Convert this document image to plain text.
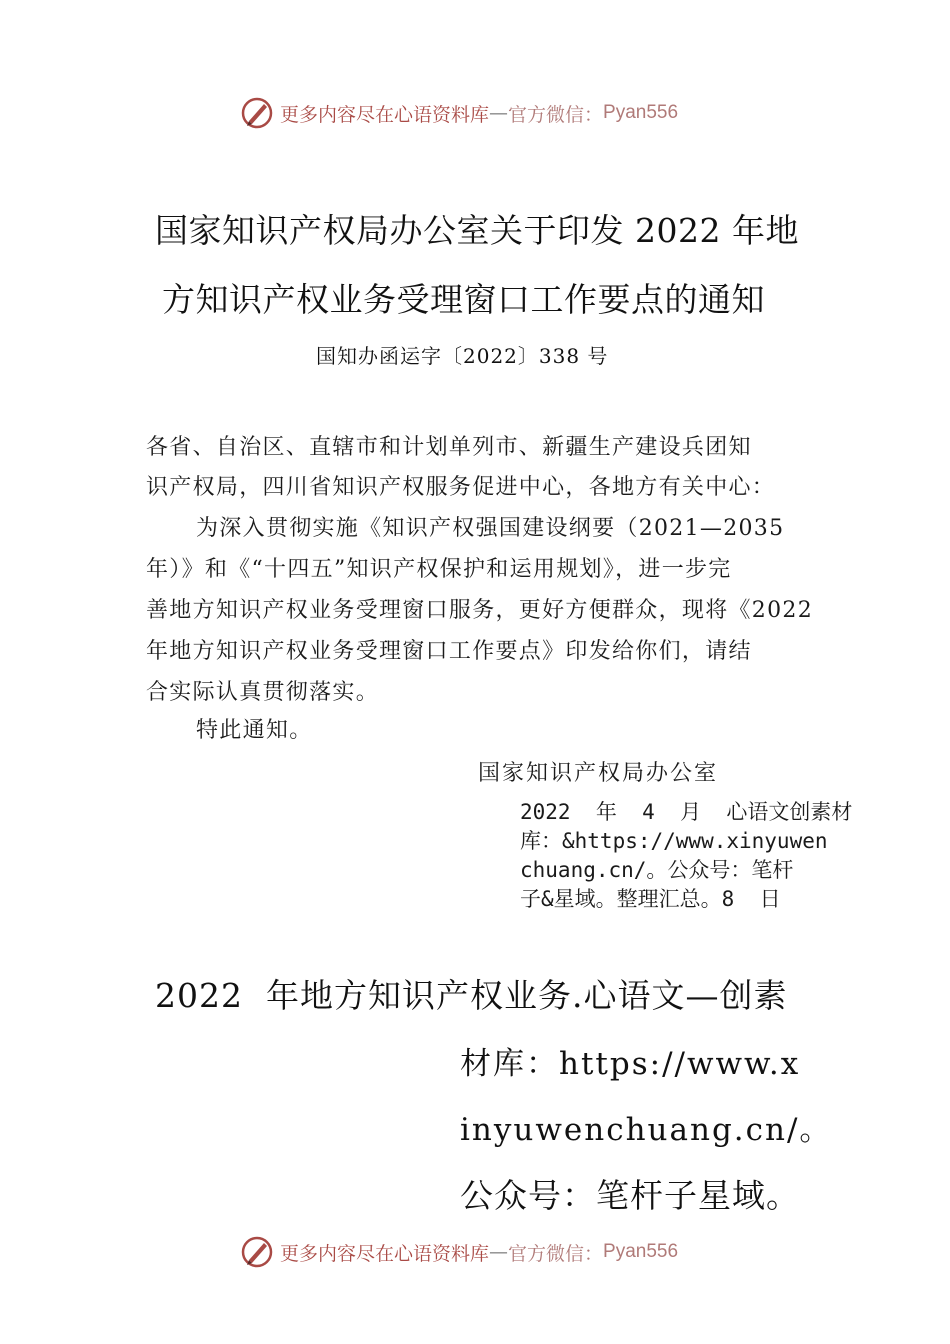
更多内容尽在心语资料库 — 官方微信： Pyan556
国家知识产权局办公室关于印发 2022 年地
方知识产权业务受理窗口工作要点的通知
国知办函运字〔2022〕338 号
各省、自治区、直辖市和计划单列市、新疆生产建设兵团知
识产权局，四川省知识产权服务促进中心，各地方有关中心：
为深入贯彻实施《知识产权强国建设纲要（2021—2035
年）》和《“十四五”知识产权保护和运用规划》，进一步完
善地方知识产权业务受理窗口服务，更好方便群众，现将《2022
年地方知识产权业务受理窗口工作要点》印发给你们，请结
合实际认真贯彻落实。
特此通知。
国家知识产权局办公室
2022  年  4  月  心语文创素材
库：&https://www.xinyuwen
chuang.cn/。公众号：笔杆
子&星域。整理汇总。8  日
2022  年地方知识产权业务.心语文—创素
材库：https://www.x
inyuwenchuang.cn/。
公众号：笔杆子星域。
更多内容尽在心语资料库 — 官方微信： Pyan556
